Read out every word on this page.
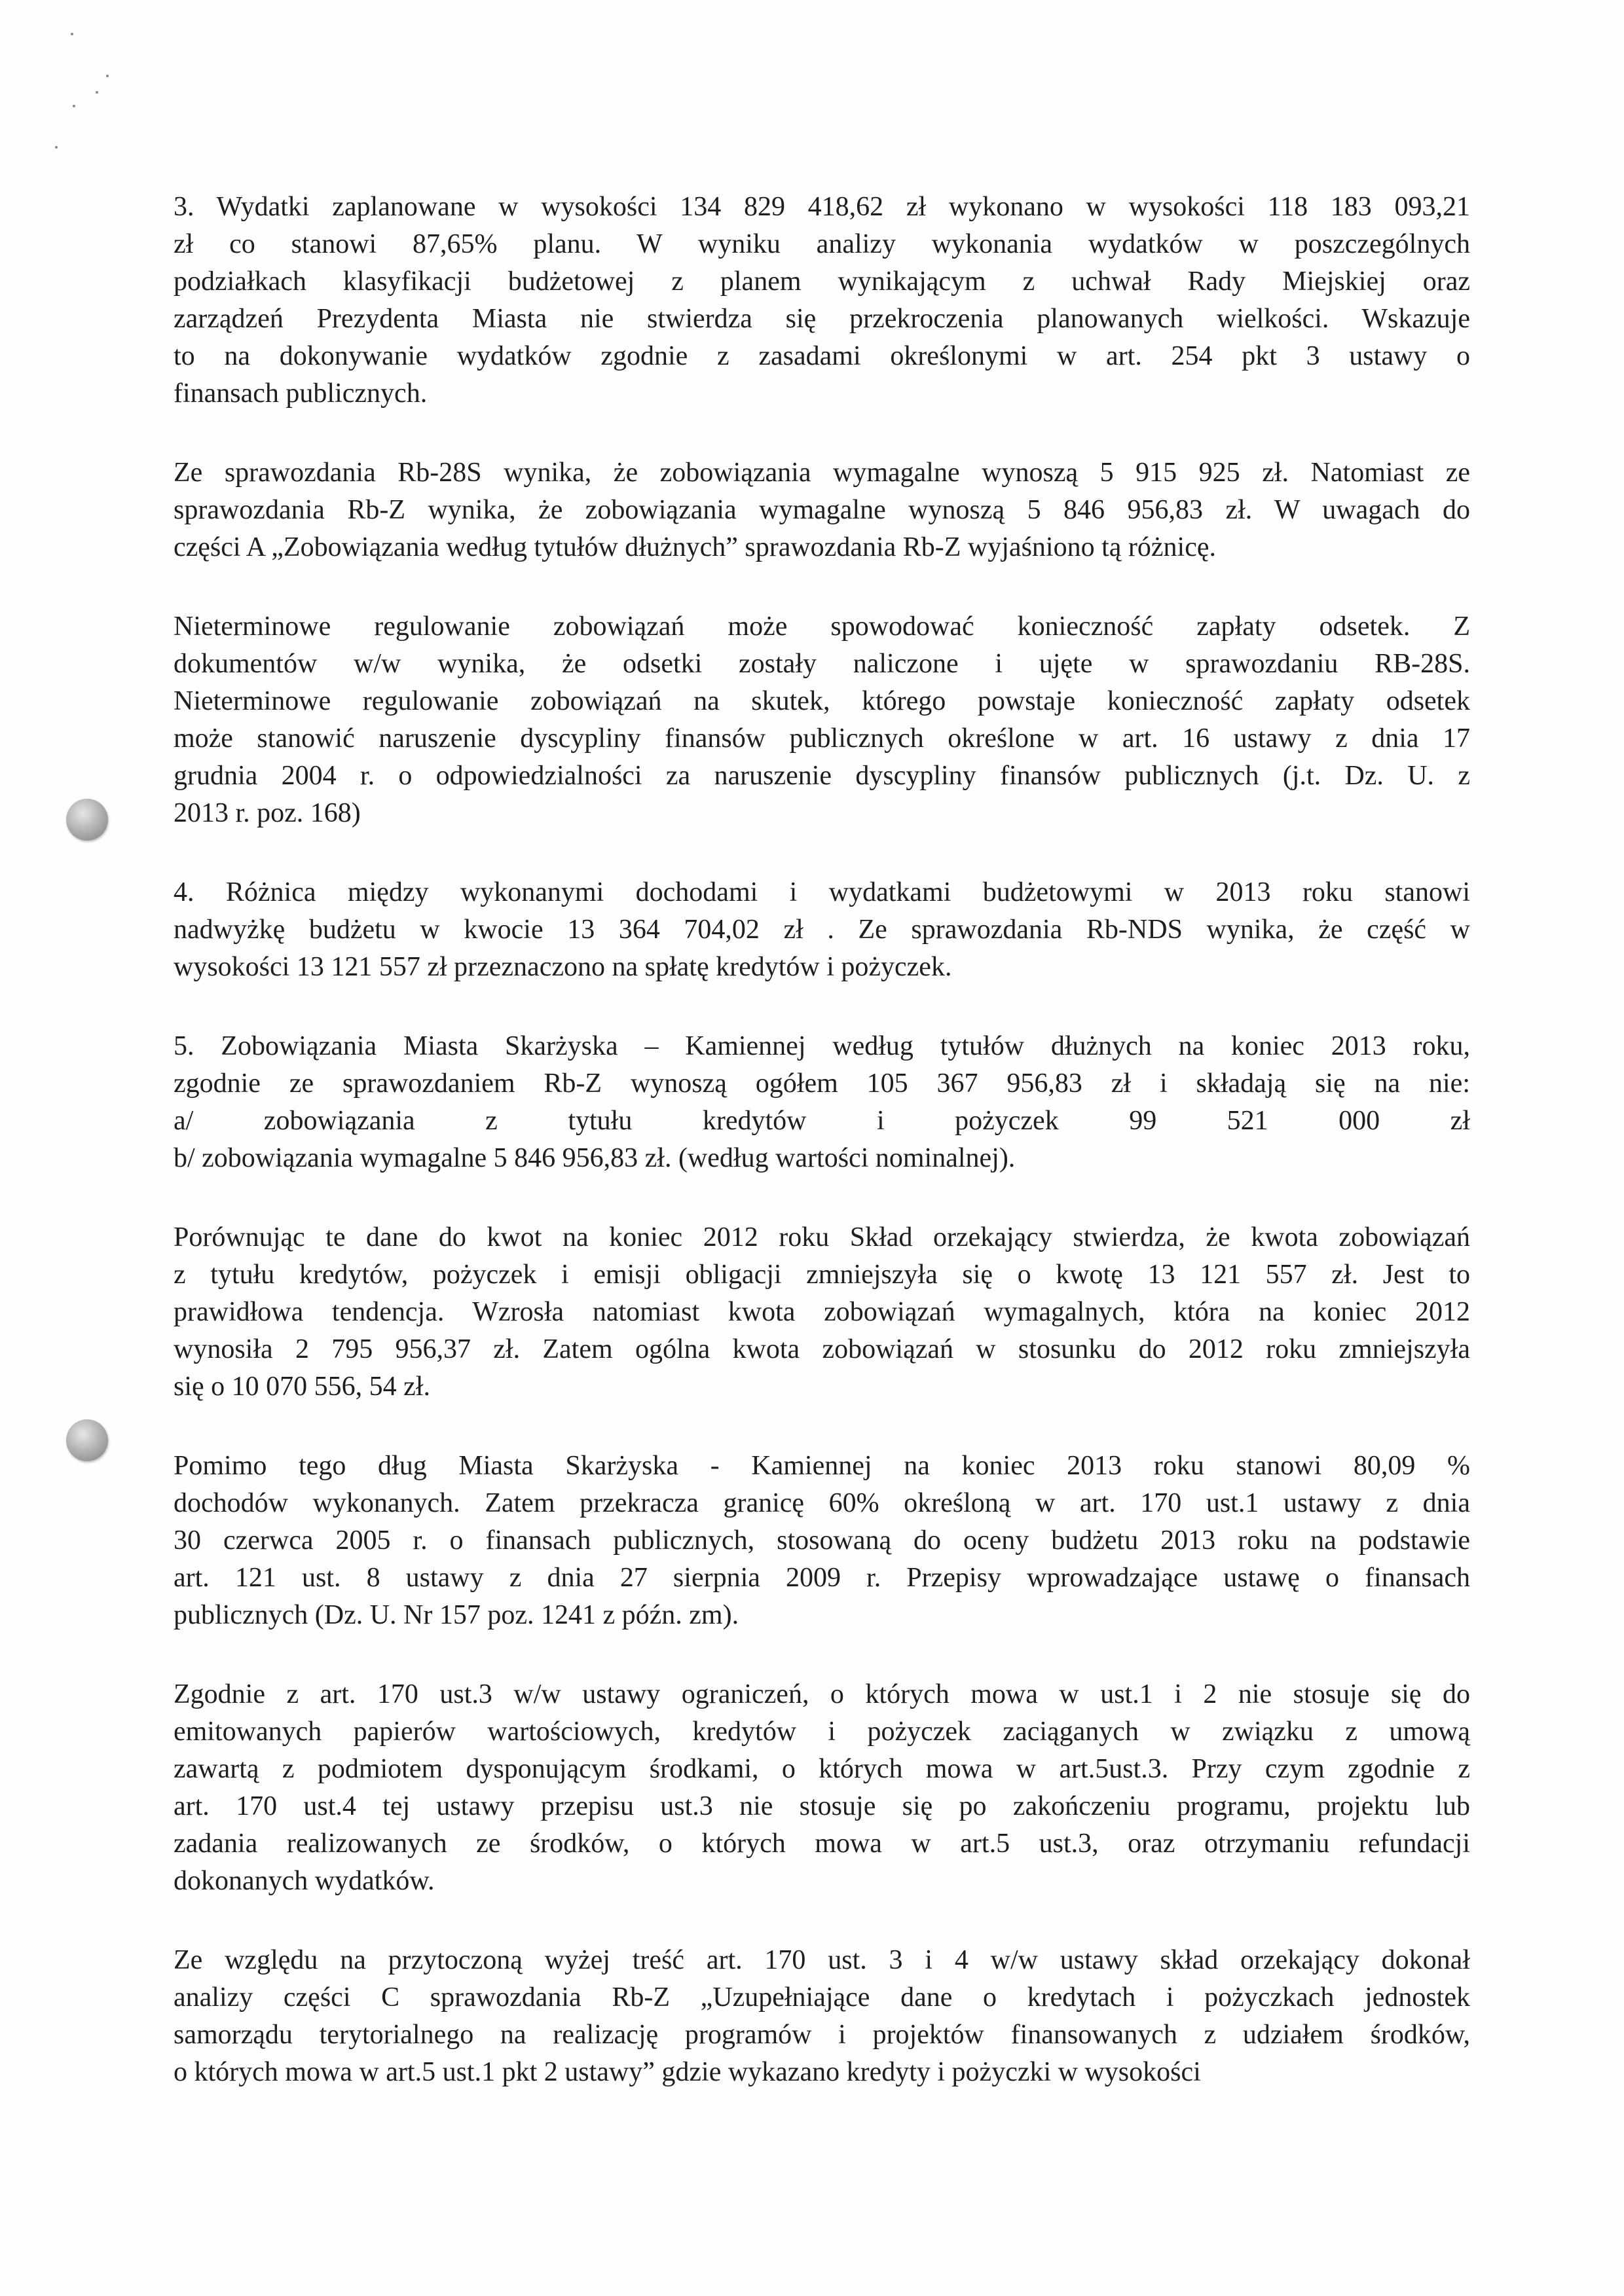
3. Wydatki zaplanowane w wysokości 134 829 418,62 zł wykonano w wysokości 118 183 093,21
zł co stanowi 87,65% planu. W wyniku analizy wykonania wydatków w poszczególnych
podziałkach klasyfikacji budżetowej z planem wynikającym z uchwał Rady Miejskiej oraz
zarządzeń Prezydenta Miasta nie stwierdza się przekroczenia planowanych wielkości. Wskazuje
to na dokonywanie wydatków zgodnie z zasadami określonymi w art. 254 pkt 3 ustawy o
finansach publicznych.

Ze sprawozdania Rb-28S wynika, że zobowiązania wymagalne wynoszą 5 915 925 zł. Natomiast ze
sprawozdania Rb-Z wynika, że zobowiązania wymagalne wynoszą 5 846 956,83 zł. W uwagach do
części A „Zobowiązania według tytułów dłużnych” sprawozdania Rb-Z wyjaśniono tą różnicę.

Nieterminowe regulowanie zobowiązań może spowodować konieczność zapłaty odsetek. Z
dokumentów w/w wynika, że odsetki zostały naliczone i ujęte w sprawozdaniu RB-28S.
Nieterminowe regulowanie zobowiązań na skutek, którego powstaje konieczność zapłaty odsetek
może stanowić naruszenie dyscypliny finansów publicznych określone w art. 16 ustawy z dnia 17
grudnia 2004 r. o odpowiedzialności za naruszenie dyscypliny finansów publicznych (j.t. Dz. U. z
2013 r. poz. 168)

4. Różnica między wykonanymi dochodami i wydatkami budżetowymi w 2013 roku stanowi
nadwyżkę budżetu w kwocie 13 364 704,02 zł . Ze sprawozdania Rb-NDS wynika, że część w
wysokości 13 121 557 zł przeznaczono na spłatę kredytów i pożyczek.

5. Zobowiązania Miasta Skarżyska – Kamiennej według tytułów dłużnych na koniec 2013 roku,
zgodnie ze sprawozdaniem Rb-Z wynoszą ogółem 105 367 956,83 zł i składają się na nie:
a/ zobowiązania z tytułu kredytów i pożyczek 99 521 000 zł
b/ zobowiązania wymagalne 5 846 956,83 zł. (według wartości nominalnej).

Porównując te dane do kwot na koniec 2012 roku Skład orzekający stwierdza, że kwota zobowiązań
z tytułu kredytów, pożyczek i emisji obligacji zmniejszyła się o kwotę 13 121 557 zł. Jest to
prawidłowa tendencja. Wzrosła natomiast kwota zobowiązań wymagalnych, która na koniec 2012
wynosiła 2 795 956,37 zł. Zatem ogólna kwota zobowiązań w stosunku do 2012 roku zmniejszyła
się o 10 070 556, 54 zł.

Pomimo tego dług Miasta Skarżyska - Kamiennej na koniec 2013 roku stanowi 80,09 %
dochodów wykonanych. Zatem przekracza granicę 60% określoną w art. 170 ust.1 ustawy z dnia
30 czerwca 2005 r. o finansach publicznych, stosowaną do oceny budżetu 2013 roku na podstawie
art. 121 ust. 8 ustawy z dnia 27 sierpnia 2009 r. Przepisy wprowadzające ustawę o finansach
publicznych (Dz. U. Nr 157 poz. 1241 z późn. zm).

Zgodnie z art. 170 ust.3 w/w ustawy ograniczeń, o których mowa w ust.1 i 2 nie stosuje się do
emitowanych papierów wartościowych, kredytów i pożyczek zaciąganych w związku z umową
zawartą z podmiotem dysponującym środkami, o których mowa w art.5ust.3. Przy czym zgodnie z
art. 170 ust.4 tej ustawy przepisu ust.3 nie stosuje się po zakończeniu programu, projektu lub
zadania realizowanych ze środków, o których mowa w art.5 ust.3, oraz otrzymaniu refundacji
dokonanych wydatków.

Ze względu na przytoczoną wyżej treść art. 170 ust. 3 i 4 w/w ustawy skład orzekający dokonał
analizy części C sprawozdania Rb-Z „Uzupełniające dane o kredytach i pożyczkach jednostek
samorządu terytorialnego na realizację programów i projektów finansowanych z udziałem środków,
o których mowa w art.5 ust.1 pkt 2 ustawy” gdzie wykazano kredyty i pożyczki w wysokości
